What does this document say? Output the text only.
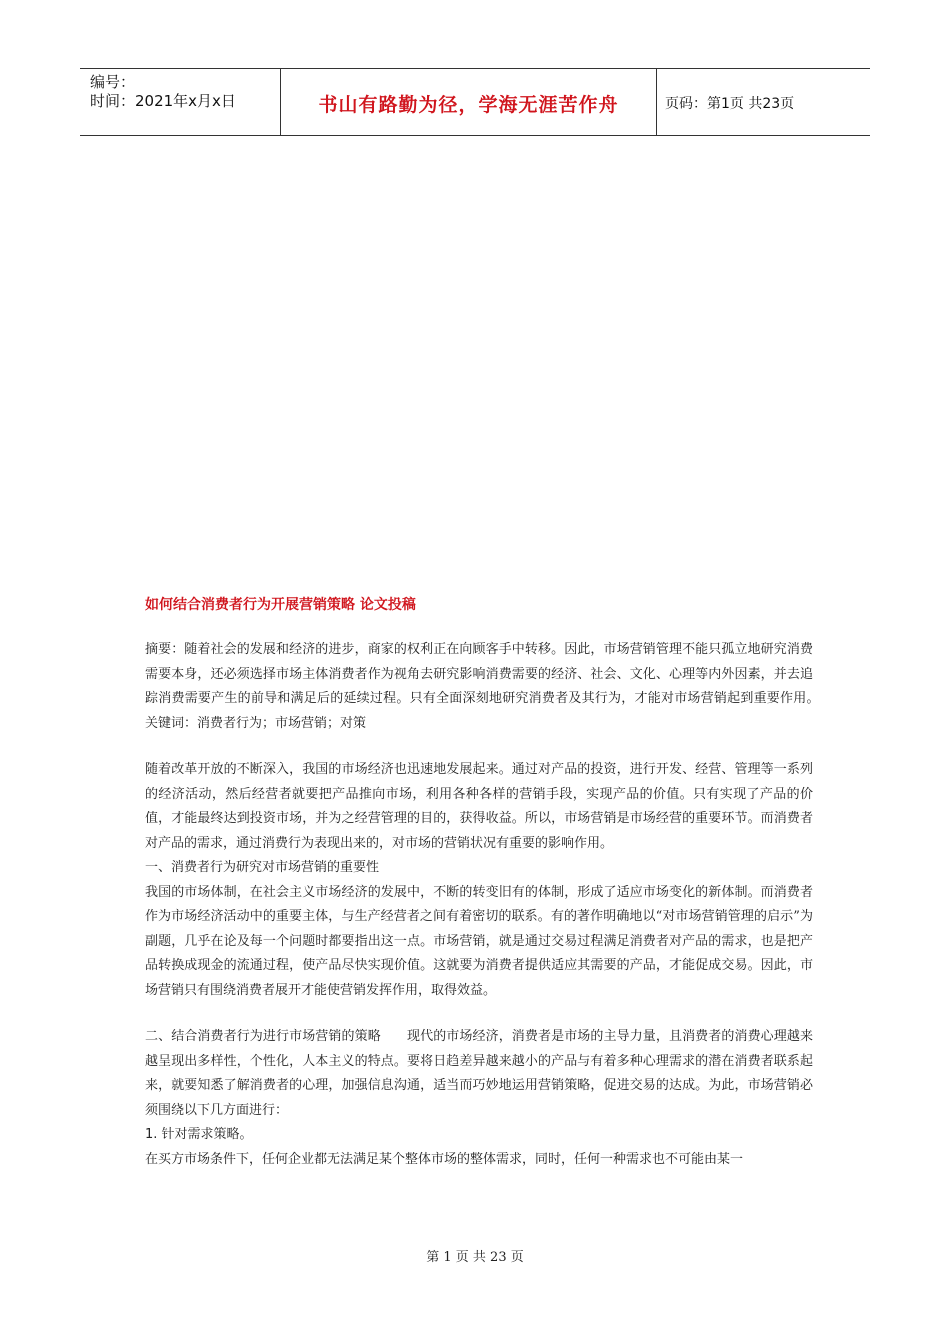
编号：
时间：2021年x月x日	书山有路勤为径，学海无涯苦作舟	页码：第1页 共23页
如何结合消费者行为开展营销策略 论文投稿

摘要：随着社会的发展和经济的进步，商家的权利正在向顾客手中转移。因此，市场营销管理不能只孤立地研究消费需要本身，还必须选择市场主体消费者作为视角去研究影响消费需要的经济、社会、文化、心理等内外因素，并去追踪消费需要产生的前导和满足后的延续过程。只有全面深刻地研究消费者及其行为，才能对市场营销起到重要作用。　　关键词：消费者行为；市场营销；对策

随着改革开放的不断深入，我国的市场经济也迅速地发展起来。通过对产品的投资，进行开发、经营、管理等一系列的经济活动，然后经营者就要把产品推向市场，利用各种各样的营销手段，实现产品的价值。只有实现了产品的价值，才能最终达到投资市场，并为之经营管理的目的，获得收益。所以，市场营销是市场经营的重要环节。而消费者对产品的需求，通过消费行为表现出来的，对市场的营销状况有重要的影响作用。

一、消费者行为研究对市场营销的重要性

我国的市场体制，在社会主义市场经济的发展中，不断的转变旧有的体制，形成了适应市场变化的新体制。而消费者作为市场经济活动中的重要主体，与生产经营者之间有着密切的联系。有的著作明确地以“对市场营销管理的启示”为副题，几乎在论及每一个问题时都要指出这一点。市场营销，就是通过交易过程满足消费者对产品的需求，也是把产品转换成现金的流通过程，使产品尽快实现价值。这就要为消费者提供适应其需要的产品，才能促成交易。因此，市场营销只有围绕消费者展开才能使营销发挥作用，取得效益。

二、结合消费者行为进行市场营销的策略　　现代的市场经济，消费者是市场的主导力量，且消费者的消费心理越来越呈现出多样性，个性化，人本主义的特点。要将日趋差异越来越小的产品与有着多种心理需求的潜在消费者联系起来，就要知悉了解消费者的心理，加强信息沟通，适当而巧妙地运用营销策略，促进交易的达成。为此，市场营销必须围绕以下几方面进行：

1. 针对需求策略。

在买方市场条件下，任何企业都无法满足某个整体市场的整体需求，同时，任何一种需求也不可能由某一

第 1 页 共 23 页
